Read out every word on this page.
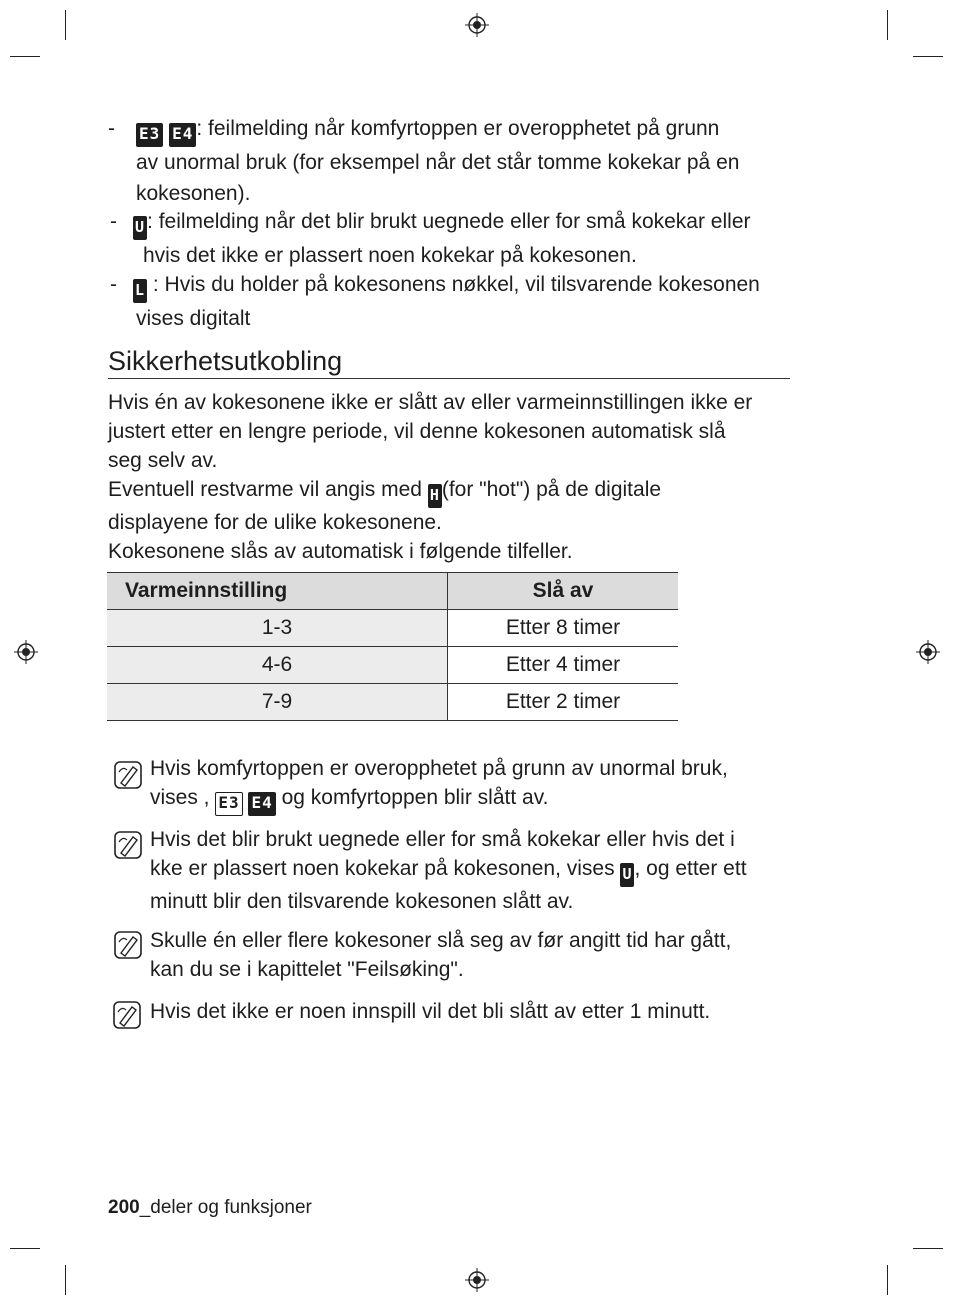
- E3 E4 : feilmelding når komfyrtoppen er overopphetet på grunn
av unormal bruk (for eksempel når det står tomme kokekar på en
kokesonen).
- U: feilmelding når det blir brukt uegnede eller for små kokekar eller
hvis det ikke er plassert noen kokekar på kokesonen.
- L : Hvis du holder på kokesonens nøkkel, vil tilsvarende kokesonen
vises digitalt
Sikkerhetsutkobling
Hvis én av kokesonene ikke er slått av eller varmeinnstillingen ikke er
justert etter en lengre periode, vil denne kokesonen automatisk slå
seg selv av.
Eventuell restvarme vil angis med H(for "hot") på de digitale
displayene for de ulike kokesonene.
Kokesonene slås av automatisk i følgende tilfeller.
Varmeinnstilling	Slå av
1-3	Etter 8 timer
4-6	Etter 4 timer
7-9	Etter 2 timer
Hvis komfyrtoppen er overopphetet på grunn av unormal bruk,
vises , E3 E4 og komfyrtoppen blir slått av.
Hvis det blir brukt uegnede eller for små kokekar eller hvis det i
kke er plassert noen kokekar på kokesonen, vises U, og etter ett
minutt blir den tilsvarende kokesonen slått av.
Skulle én eller flere kokesoner slå seg av før angitt tid har gått,
kan du se i kapittelet "Feilsøking".
Hvis det ikke er noen innspill vil det bli slått av etter 1 minutt.
200_deler og funksjoner
